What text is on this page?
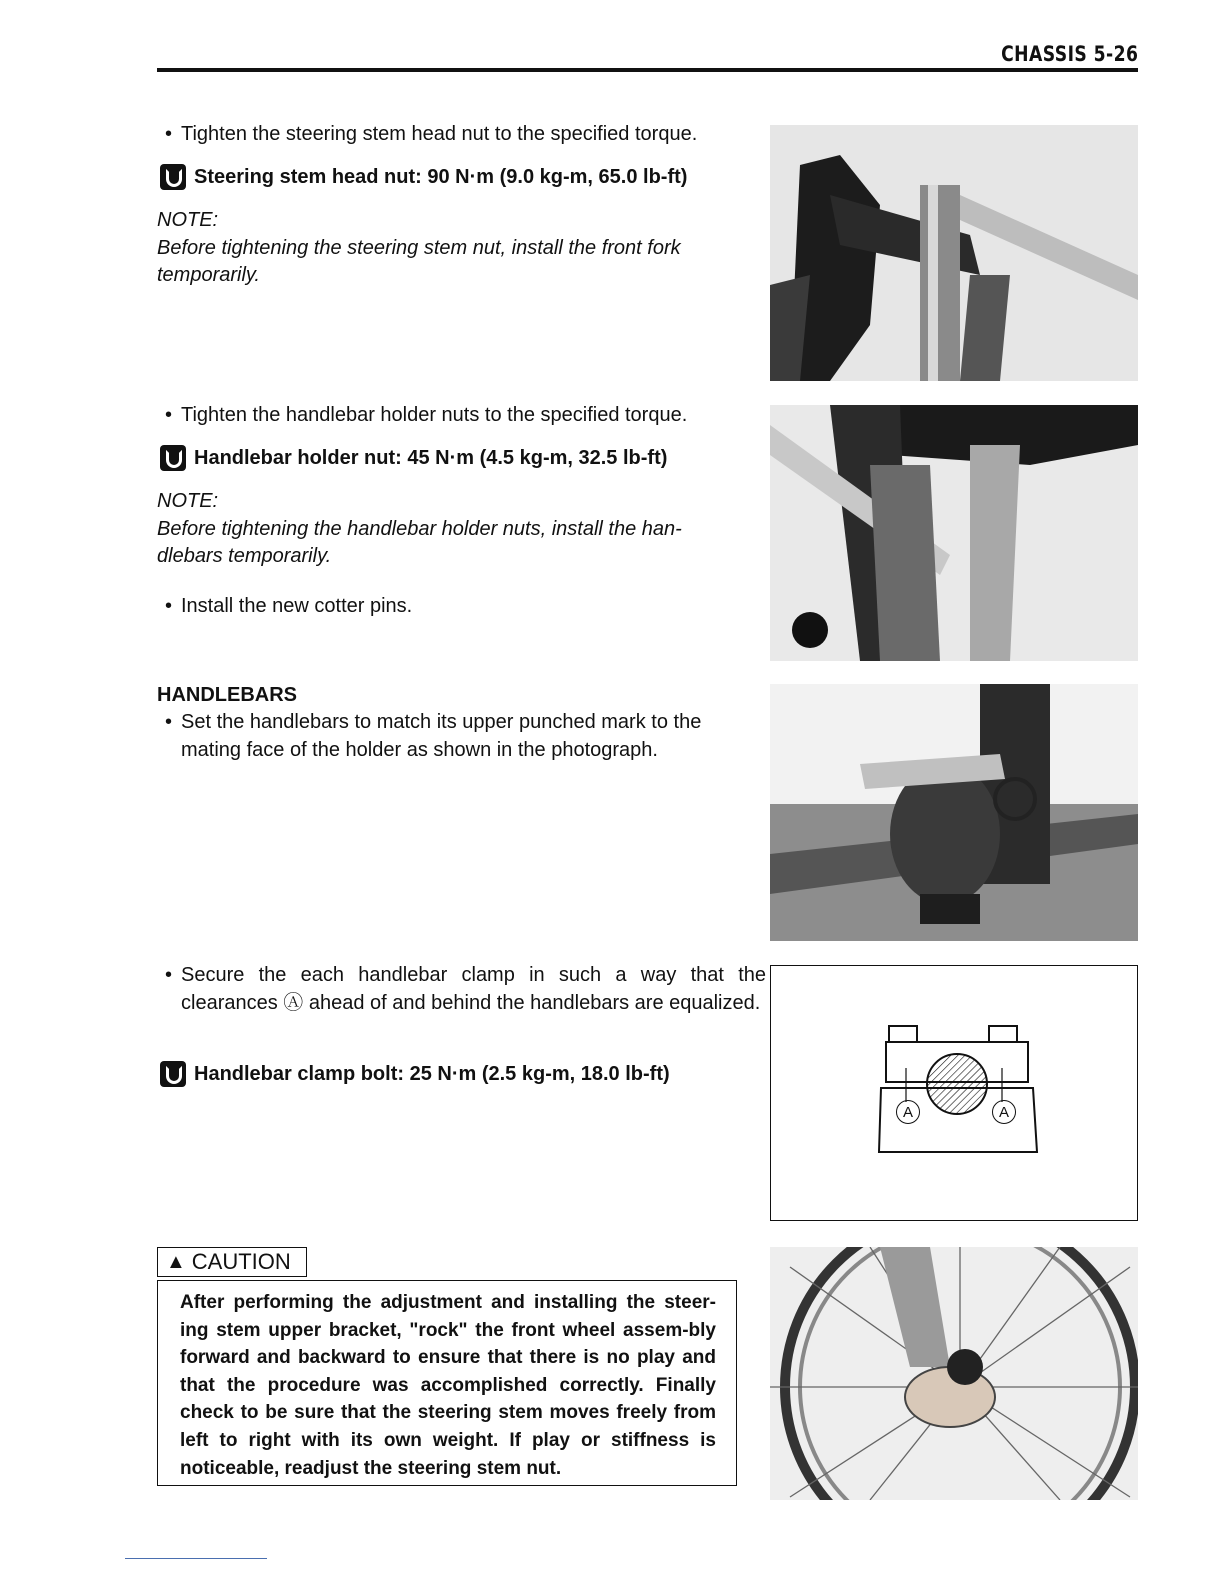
CHASSIS 5-26
• Tighten the steering stem head nut to the specified torque.
Steering stem head nut: 90 N·m (9.0 kg-m, 65.0 lb-ft)
NOTE:
Before tightening the steering stem nut, install the front fork temporarily.
• Tighten the handlebar holder nuts to the specified torque.
Handlebar holder nut: 45 N·m (4.5 kg-m, 32.5 lb-ft)
NOTE:
Before tightening the handlebar holder nuts, install the han-dlebars temporarily.
• Install the new cotter pins.
HANDLEBARS
• Set the handlebars to match its upper punched mark to the mating face of the holder as shown in the photograph.
• Secure the each handlebar clamp in such a way that the clearances Ⓐ ahead of and behind the handlebars are equalized.
Handlebar clamp bolt: 25 N·m (2.5 kg-m, 18.0 lb-ft)
A	A
▲ CAUTION
After performing the adjustment and installing the steer-ing stem upper bracket, "rock" the front wheel assem-bly forward and backward to ensure that there is no play and that the procedure was accomplished correctly. Finally check to be sure that the steering stem moves freely from left to right with its own weight. If play or stiffness is noticeable, readjust the steering stem nut.
